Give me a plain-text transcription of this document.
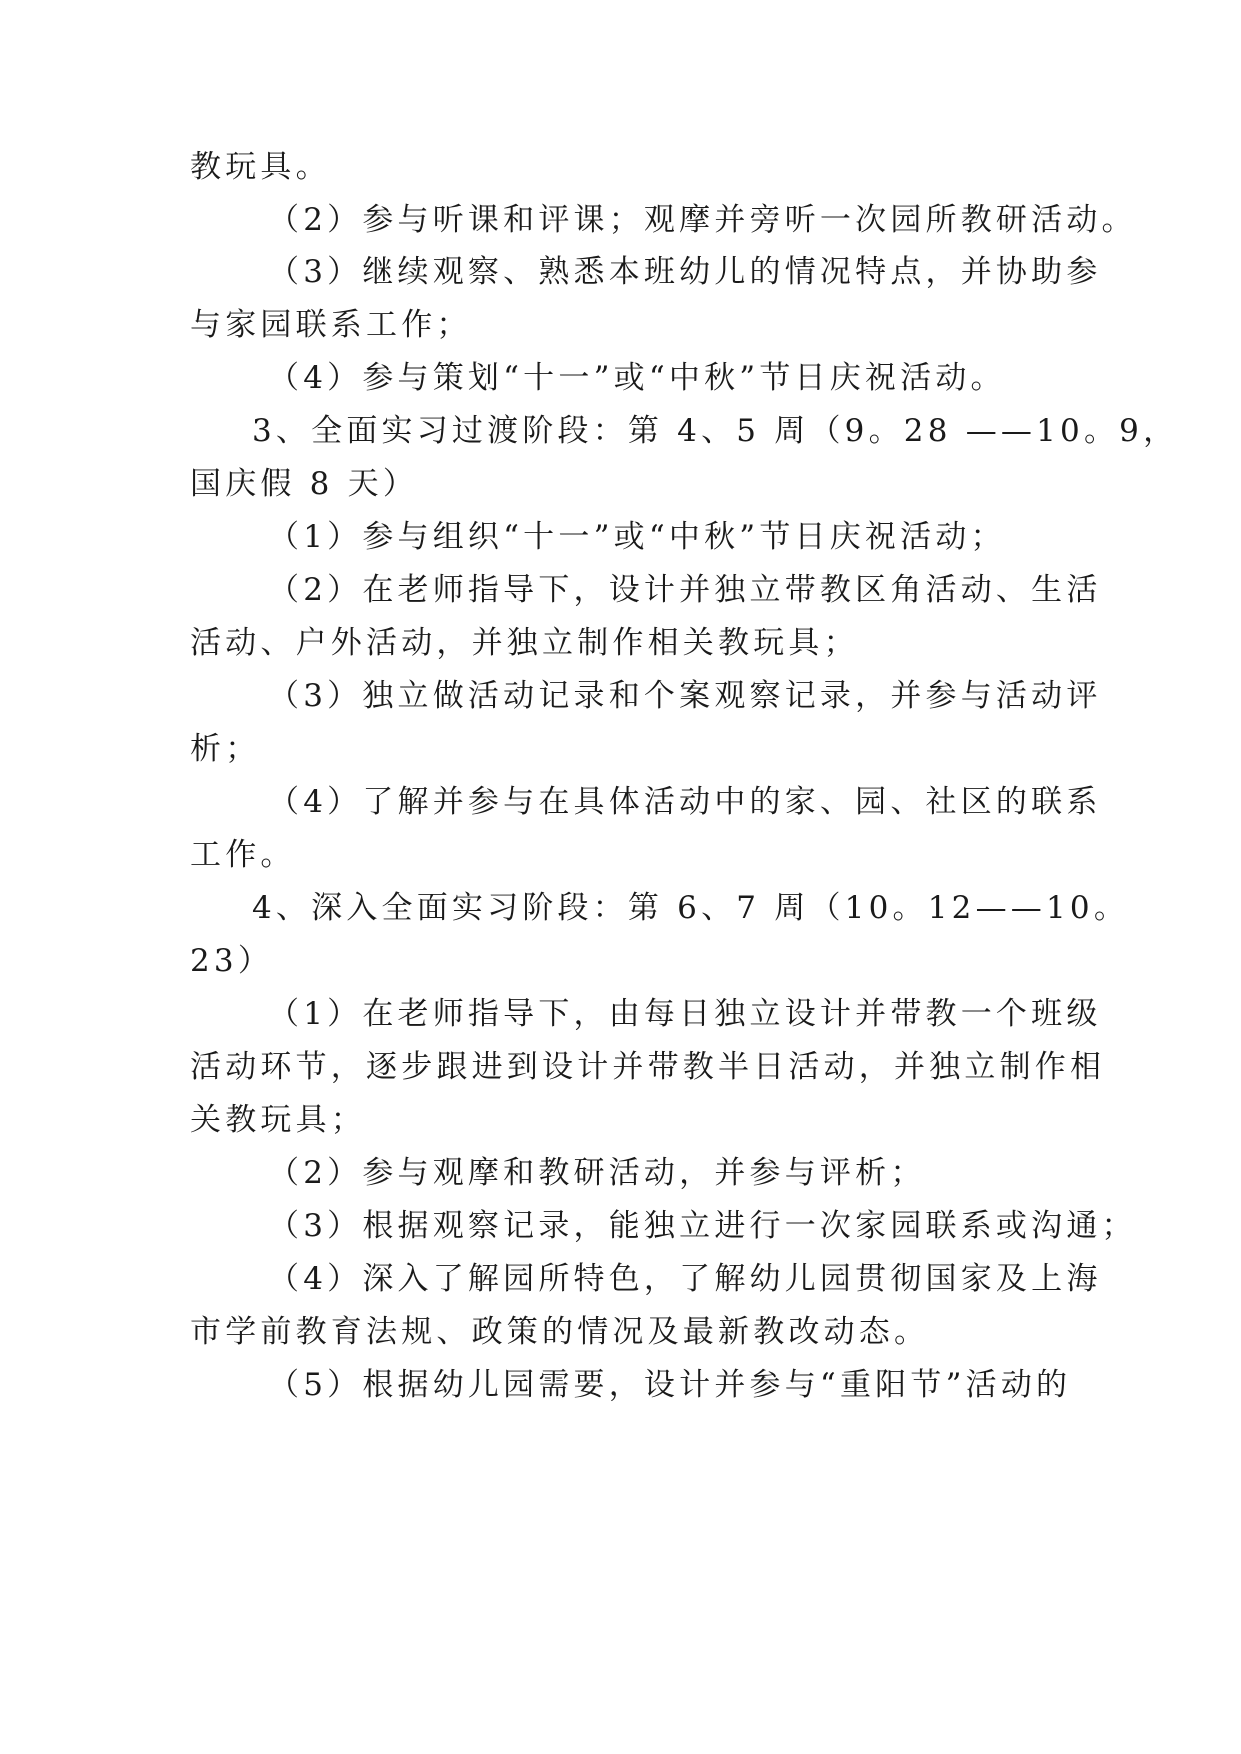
教玩具。
（2）参与听课和评课；观摩并旁听一次园所教研活动。
（3）继续观察、熟悉本班幼儿的情况特点，并协助参
与家园联系工作；
（4）参与策划“十一”或“中秋”节日庆祝活动。
3、全面实习过渡阶段：第 4、5 周（9。28 ——10。9，
国庆假 8 天）
（1）参与组织“十一”或“中秋”节日庆祝活动；
（2）在老师指导下，设计并独立带教区角活动、生活
活动、户外活动，并独立制作相关教玩具；
（3）独立做活动记录和个案观察记录，并参与活动评
析；
（4）了解并参与在具体活动中的家、园、社区的联系
工作。
4、深入全面实习阶段：第 6、7 周（10。12——10。
23）
（1）在老师指导下，由每日独立设计并带教一个班级
活动环节，逐步跟进到设计并带教半日活动，并独立制作相
关教玩具；
（2）参与观摩和教研活动，并参与评析；
（3）根据观察记录，能独立进行一次家园联系或沟通；
（4）深入了解园所特色，了解幼儿园贯彻国家及上海
市学前教育法规、政策的情况及最新教改动态。
（5）根据幼儿园需要，设计并参与“重阳节”活动的
